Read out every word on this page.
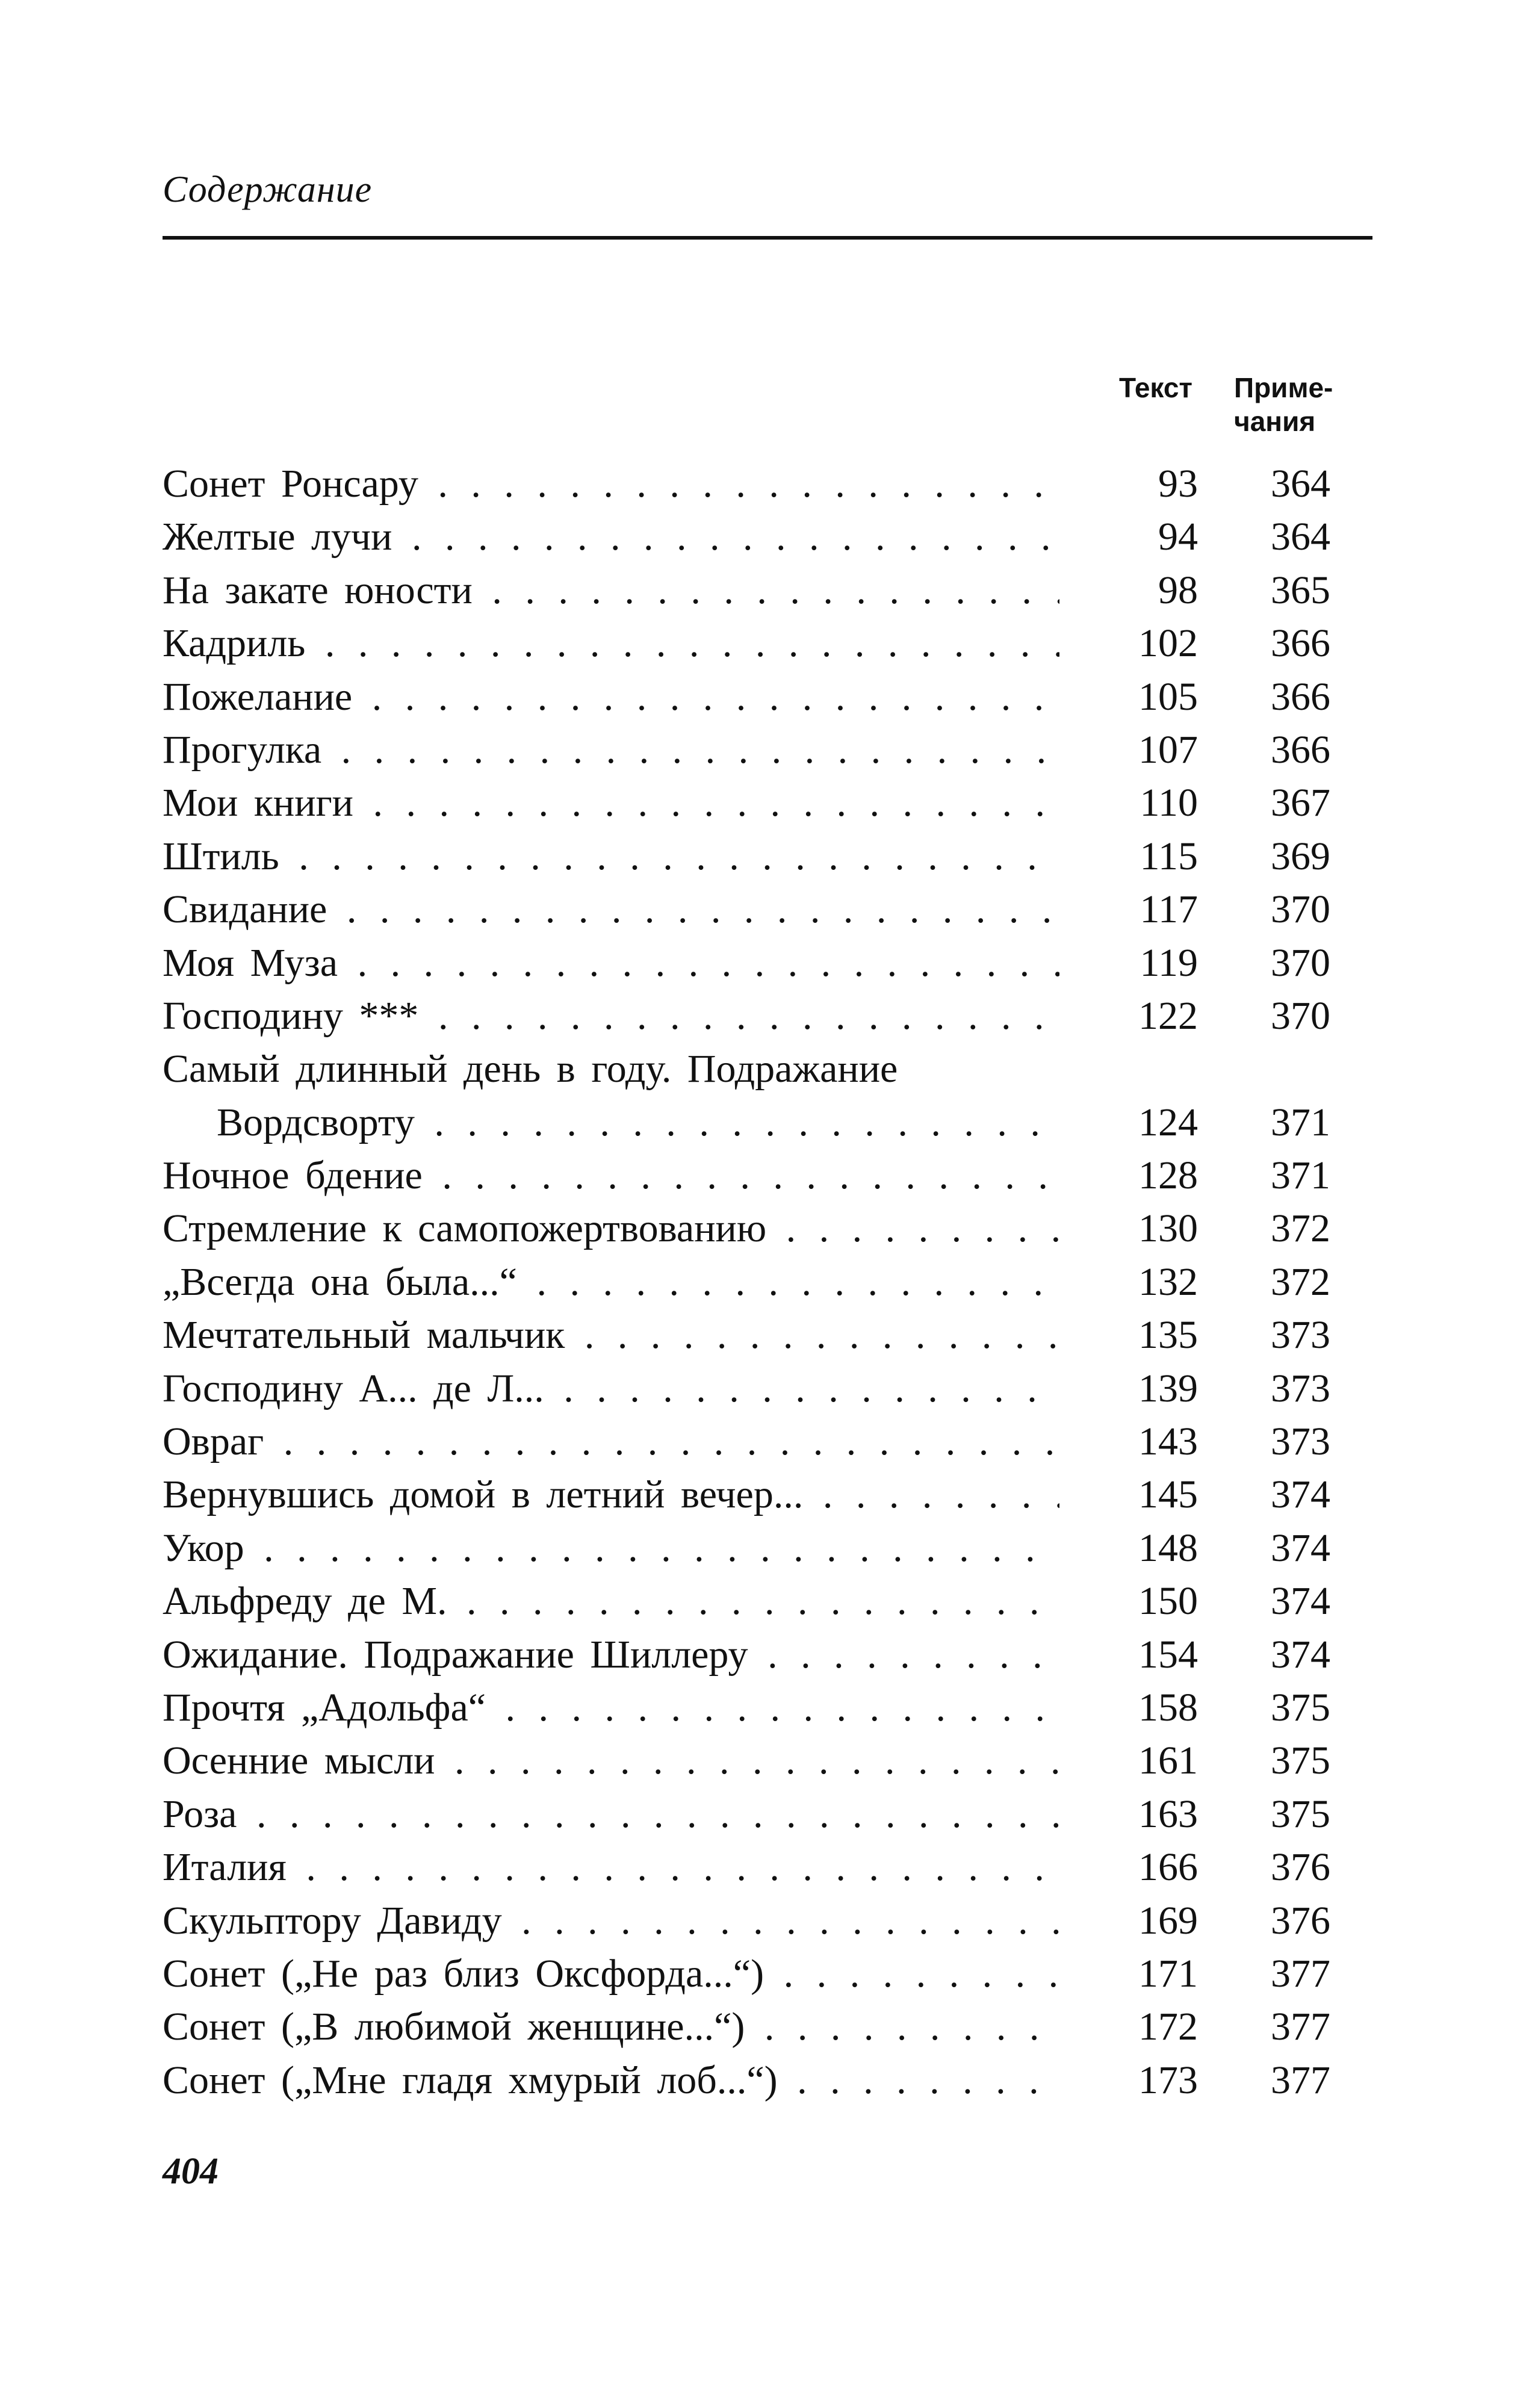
Содержание
Текст	Приме-
чания
Сонет Ронсару . .	93	364
Желтые лучи . .	94	364
На закате юности . .	98	365
Кадриль . .	102	366
Пожелание . .	105	366
Прогулка . .	107	366
Мои книги . .	110	367
Штиль . .	115	369
Свидание . .	117	370
Моя Муза . .	119	370
Господину *** . .	122	370
Самый длинный день в году. Подражание
Вордсворту . .	124	371
Ночное бдение . .	128	371
Стремление к самопожертвованию . .	130	372
„Всегда она была...“ . .	132	372
Мечтательный мальчик . .	135	373
Господину А... де Л... . .	139	373
Овраг . .	143	373
Вернувшись домой в летний вечер... . .	145	374
Укор . .	148	374
Альфреду де М. . .	150	374
Ожидание. Подражание Шиллеру . .	154	374
Прочтя „Адольфа“ . .	158	375
Осенние мысли . .	161	375
Роза . .	163	375
Италия . .	166	376
Скульптору Давиду . .	169	376
Сонет („Не раз близ Оксфорда...“) . .	171	377
Сонет („В любимой женщине...“) . .	172	377
Сонет („Мне гладя хмурый лоб...“) . .	173	377
404
